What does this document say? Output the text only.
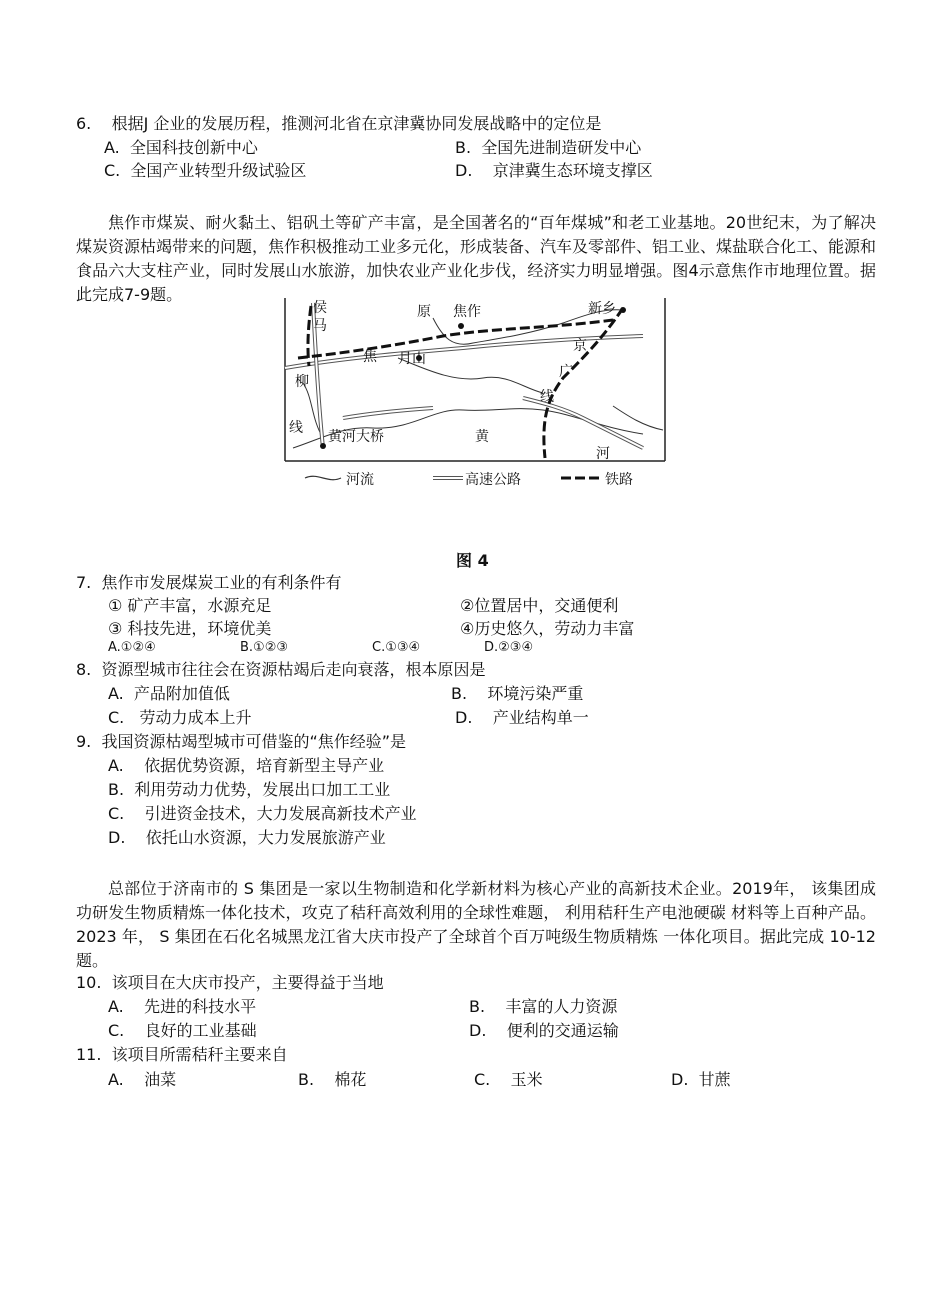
6.    根据J 企业的发展历程，推测河北省在京津冀协同发展战略中的定位是
A.  全国科技创新中心	B.  全国先进制造研发中心
C.  全国产业转型升级试验区	D.    京津冀生态环境支撑区
焦作市煤炭、耐火黏土、铝矾土等矿产丰富，是全国著名的“百年煤城”和老工业基地。20世纪末，为了解决煤炭资源枯竭带来的问题，焦作积极推动工业多元化，形成装备、汽车及零部件、铝工业、煤盐联合化工、能源和食品六大支柱产业，同时发展山水旅游，加快农业产业化步伐，经济实力明显增强。图4示意焦作市地理位置。据此完成7-9题。
侯
马
原 焦作	新乡
京
焦 月山
广
柳
线
线
黄河大桥	黄
河
河流	高速公路	铁路
图 4
7.  焦作市发展煤炭工业的有利条件有
① 矿产丰富，水源充足	②位置居中，交通便利
③ 科技先进，环境优美	④历史悠久，劳动力丰富
A.①②④	B.①②③	C.①③④	D.②③④
8.  资源型城市往往会在资源枯竭后走向衰落，根本原因是
A.  产品附加值低	B.    环境污染严重
C.   劳动力成本上升	D.    产业结构单一
9.  我国资源枯竭型城市可借鉴的“焦作经验”是
A.    依据优势资源，培育新型主导产业
B.  利用劳动力优势，发展出口加工工业
C.    引进资金技术，大力发展高新技术产业
D.    依托山水资源，大力发展旅游产业
总部位于济南市的 S 集团是一家以生物制造和化学新材料为核心产业的高新技术企业。2019年， 该集团成功研发生物质精炼一体化技术，攻克了秸秆高效利用的全球性难题， 利用秸秆生产电池硬碳 材料等上百种产品。2023 年， S 集团在石化名城黑龙江省大庆市投产了全球首个百万吨级生物质精炼 一体化项目。据此完成 10-12 题。
10.  该项目在大庆市投产，主要得益于当地
A.    先进的科技水平	B.    丰富的人力资源
C.    良好的工业基础	D.    便利的交通运输
11.  该项目所需秸秆主要来自
A.    油菜	B.    棉花	C.    玉米	D.  甘蔗
